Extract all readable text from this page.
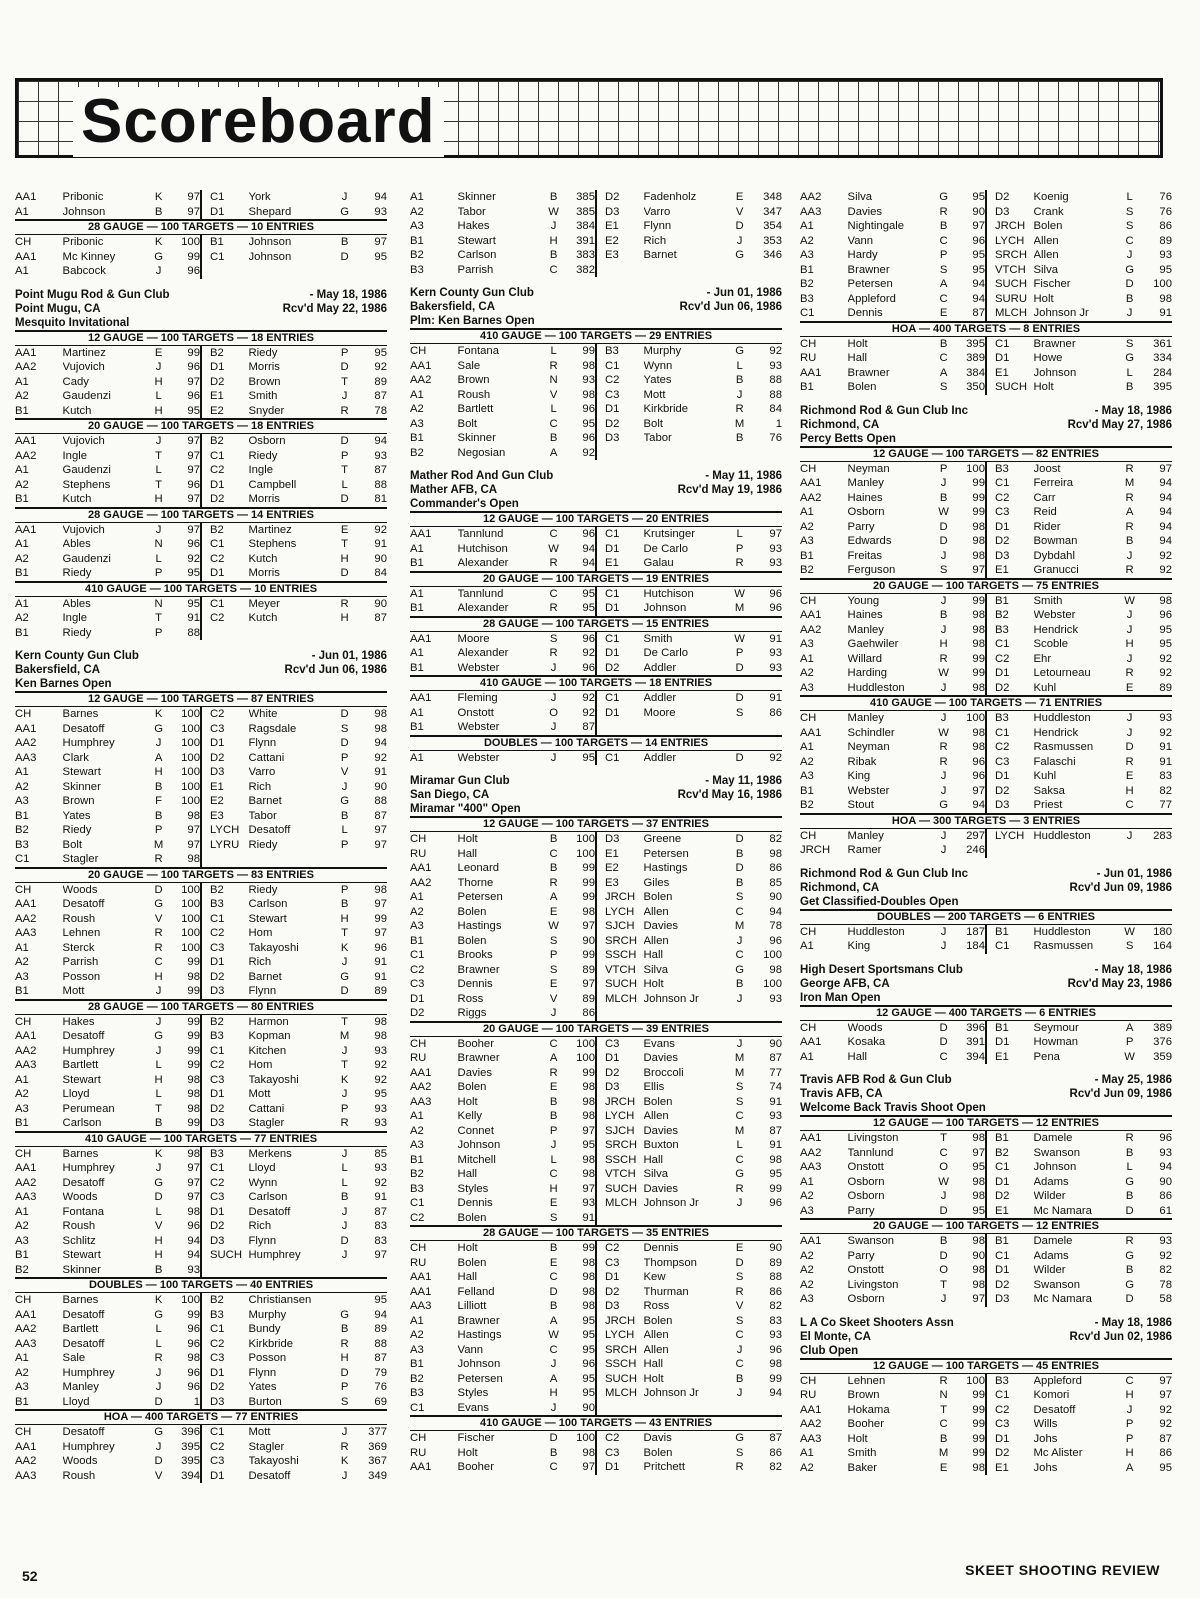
Scoreboard
AA1	Pribonic	K	97	C1	York	J	94
A1	Johnson	B	97	D1	Shepard	G	93
28 GAUGE — 100 TARGETS — 10 ENTRIES
CH	Pribonic	K	100	B1	Johnson	B	97
AA1	Mc Kinney	G	99	C1	Johnson	D	95
A1	Babcock	J	96				
Point Mugu Rod & Gun Club	- May 18, 1986
Point Mugu, CA	Rcv'd May 22, 1986
Mesquito Invitational
12 GAUGE — 100 TARGETS — 18 ENTRIES
AA1	Martinez	E	99	B2	Riedy	P	95
AA2	Vujovich	J	96	D1	Morris	D	92
A1	Cady	H	97	D2	Brown	T	89
A2	Gaudenzi	L	96	E1	Smith	J	87
B1	Kutch	H	95	E2	Snyder	R	78
20 GAUGE — 100 TARGETS — 18 ENTRIES
AA1	Vujovich	J	97	B2	Osborn	D	94
AA2	Ingle	T	97	C1	Riedy	P	93
A1	Gaudenzi	L	97	C2	Ingle	T	87
A2	Stephens	T	96	D1	Campbell	L	88
B1	Kutch	H	97	D2	Morris	D	81
28 GAUGE — 100 TARGETS — 14 ENTRIES
AA1	Vujovich	J	97	B2	Martinez	E	92
A1	Ables	N	96	C1	Stephens	T	91
A2	Gaudenzi	L	92	C2	Kutch	H	90
B1	Riedy	P	95	D1	Morris	D	84
410 GAUGE — 100 TARGETS — 10 ENTRIES
A1	Ables	N	95	C1	Meyer	R	90
A2	Ingle	T	91	C2	Kutch	H	87
B1	Riedy	P	88				
Kern County Gun Club	- Jun 01, 1986
Bakersfield, CA	Rcv'd Jun 06, 1986
Ken Barnes Open
12 GAUGE — 100 TARGETS — 87 ENTRIES
CH	Barnes	K	100	C2	White	D	98
AA1	Desatoff	G	100	C3	Ragsdale	S	98
AA2	Humphrey	J	100	D1	Flynn	D	94
AA3	Clark	A	100	D2	Cattani	P	92
A1	Stewart	H	100	D3	Varro	V	91
A2	Skinner	B	100	E1	Rich	J	90
A3	Brown	F	100	E2	Barnet	G	88
B1	Yates	B	98	E3	Tabor	B	87
B2	Riedy	P	97	LYCH	Desatoff	L	97
B3	Bolt	M	97	LYRU	Riedy	P	97
C1	Stagler	R	98				
20 GAUGE — 100 TARGETS — 83 ENTRIES
CH	Woods	D	100	B2	Riedy	P	98
AA1	Desatoff	G	100	B3	Carlson	B	97
AA2	Roush	V	100	C1	Stewart	H	99
AA3	Lehnen	R	100	C2	Hom	T	97
A1	Sterck	R	100	C3	Takayoshi	K	96
A2	Parrish	C	99	D1	Rich	J	91
A3	Posson	H	98	D2	Barnet	G	91
B1	Mott	J	99	D3	Flynn	D	89
28 GAUGE — 100 TARGETS — 80 ENTRIES
CH	Hakes	J	99	B2	Harmon	T	98
AA1	Desatoff	G	99	B3	Kopman	M	98
AA2	Humphrey	J	99	C1	Kitchen	J	93
AA3	Bartlett	L	99	C2	Hom	T	92
A1	Stewart	H	98	C3	Takayoshi	K	92
A2	Lloyd	L	98	D1	Mott	J	95
A3	Perumean	T	98	D2	Cattani	P	93
B1	Carlson	B	99	D3	Stagler	R	93
410 GAUGE — 100 TARGETS — 77 ENTRIES
CH	Barnes	K	98	B3	Merkens	J	85
AA1	Humphrey	J	97	C1	Lloyd	L	93
AA2	Desatoff	G	97	C2	Wynn	L	92
AA3	Woods	D	97	C3	Carlson	B	91
A1	Fontana	L	98	D1	Desatoff	J	87
A2	Roush	V	96	D2	Rich	J	83
A3	Schlitz	H	94	D3	Flynn	D	83
B1	Stewart	H	94	SUCH	Humphrey	J	97
B2	Skinner	B	93				
DOUBLES — 100 TARGETS — 40 ENTRIES
CH	Barnes	K	100	B2	Christiansen		95
AA1	Desatoff	G	99	B3	Murphy	G	94
AA2	Bartlett	L	96	C1	Bundy	B	89
AA3	Desatoff	L	96	C2	Kirkbride	R	88
A1	Sale	R	98	C3	Posson	H	87
A2	Humphrey	J	96	D1	Flynn	D	79
A3	Manley	J	96	D2	Yates	P	76
B1	Lloyd	D	1	D3	Burton	S	69
HOA — 400 TARGETS — 77 ENTRIES
CH	Desatoff	G	396	C1	Mott	J	377
AA1	Humphrey	J	395	C2	Stagler	R	369
AA2	Woods	D	395	C3	Takayoshi	K	367
AA3	Roush	V	394	D1	Desatoff	J	349
A1	Skinner	B	385	D2	Fadenholz	E	348
A2	Tabor	W	385	D3	Varro	V	347
A3	Hakes	J	384	E1	Flynn	D	354
B1	Stewart	H	391	E2	Rich	J	353
B2	Carlson	B	383	E3	Barnet	G	346
B3	Parrish	C	382				
Kern County Gun Club	- Jun 01, 1986
Bakersfield, CA	Rcv'd Jun 06, 1986
Plm: Ken Barnes Open
410 GAUGE — 100 TARGETS — 29 ENTRIES
CH	Fontana	L	99	B3	Murphy	G	92
AA1	Sale	R	98	C1	Wynn	L	93
AA2	Brown	N	93	C2	Yates	B	88
A1	Roush	V	98	C3	Mott	J	88
A2	Bartlett	L	96	D1	Kirkbride	R	84
A3	Bolt	C	95	D2	Bolt	M	1
B1	Skinner	B	96	D3	Tabor	B	76
B2	Negosian	A	92				
Mather Rod And Gun Club	- May 11, 1986
Mather AFB, CA	Rcv'd May 19, 1986
Commander's Open
12 GAUGE — 100 TARGETS — 20 ENTRIES
AA1	Tannlund	C	96	C1	Krutsinger	L	97
A1	Hutchison	W	94	D1	De Carlo	P	93
B1	Alexander	R	94	E1	Galau	R	93
20 GAUGE — 100 TARGETS — 19 ENTRIES
A1	Tannlund	C	95	C1	Hutchison	W	96
B1	Alexander	R	95	D1	Johnson	M	96
28 GAUGE — 100 TARGETS — 15 ENTRIES
AA1	Moore	S	96	C1	Smith	W	91
A1	Alexander	R	92	D1	De Carlo	P	93
B1	Webster	J	96	D2	Addler	D	93
410 GAUGE — 100 TARGETS — 18 ENTRIES
AA1	Fleming	J	92	C1	Addler	D	91
A1	Onstott	O	92	D1	Moore	S	86
B1	Webster	J	87				
DOUBLES — 100 TARGETS — 14 ENTRIES
A1	Webster	J	95	C1	Addler	D	92
Miramar Gun Club	- May 11, 1986
San Diego, CA	Rcv'd May 16, 1986
Miramar "400" Open
12 GAUGE — 100 TARGETS — 37 ENTRIES
CH	Holt	B	100	D3	Greene	D	82
RU	Hall	C	100	E1	Petersen	B	98
AA1	Leonard	B	99	E2	Hastings	D	86
AA2	Thorne	R	99	E3	Giles	B	85
A1	Petersen	A	99	JRCH	Bolen	S	90
A2	Bolen	E	98	LYCH	Allen	C	94
A3	Hastings	W	97	SJCH	Davies	M	78
B1	Bolen	S	90	SRCH	Allen	J	96
C1	Brooks	P	99	SSCH	Hall	C	100
C2	Brawner	S	89	VTCH	Silva	G	98
C3	Dennis	E	97	SUCH	Holt	B	100
D1	Ross	V	89	MLCH	Johnson Jr	J	93
D2	Riggs	J	86				
20 GAUGE — 100 TARGETS — 39 ENTRIES
CH	Booher	C	100	C3	Evans	J	90
RU	Brawner	A	100	D1	Davies	M	87
AA1	Davies	R	99	D2	Broccoli	M	77
AA2	Bolen	E	98	D3	Ellis	S	74
AA3	Holt	B	98	JRCH	Bolen	S	91
A1	Kelly	B	98	LYCH	Allen	C	93
A2	Connet	P	97	SJCH	Davies	M	87
A3	Johnson	J	95	SRCH	Buxton	L	91
B1	Mitchell	L	98	SSCH	Hall	C	98
B2	Hall	C	98	VTCH	Silva	G	95
B3	Styles	H	97	SUCH	Davies	R	99
C1	Dennis	E	93	MLCH	Johnson Jr	J	96
C2	Bolen	S	91				
28 GAUGE — 100 TARGETS — 35 ENTRIES
CH	Holt	B	99	C2	Dennis	E	90
RU	Bolen	E	98	C3	Thompson	D	89
AA1	Hall	C	98	D1	Kew	S	88
AA1	Felland	D	98	D2	Thurman	R	86
AA3	Lilliott	B	98	D3	Ross	V	82
A1	Brawner	A	95	JRCH	Bolen	S	83
A2	Hastings	W	95	LYCH	Allen	C	93
A3	Vann	C	95	SRCH	Allen	J	96
B1	Johnson	J	96	SSCH	Hall	C	98
B2	Petersen	A	95	SUCH	Holt	B	99
B3	Styles	H	95	MLCH	Johnson Jr	J	94
C1	Evans	J	90				
410 GAUGE — 100 TARGETS — 43 ENTRIES
CH	Fischer	D	100	C2	Davis	G	87
RU	Holt	B	98	C3	Bolen	S	86
AA1	Booher	C	97	D1	Pritchett	R	82
AA2	Silva	G	95	D2	Koenig	L	76
AA3	Davies	R	90	D3	Crank	S	76
A1	Nightingale	B	97	JRCH	Bolen	S	86
A2	Vann	C	96	LYCH	Allen	C	89
A3	Hardy	P	95	SRCH	Allen	J	93
B1	Brawner	S	95	VTCH	Silva	G	95
B2	Petersen	A	94	SUCH	Fischer	D	100
B3	Appleford	C	94	SURU	Holt	B	98
C1	Dennis	E	87	MLCH	Johnson Jr	J	91
HOA — 400 TARGETS — 8 ENTRIES
CH	Holt	B	395	C1	Brawner	S	361
RU	Hall	C	389	D1	Howe	G	334
AA1	Brawner	A	384	E1	Johnson	L	284
B1	Bolen	S	350	SUCH	Holt	B	395
Richmond Rod & Gun Club Inc	- May 18, 1986
Richmond, CA	Rcv'd May 27, 1986
Percy Betts Open
12 GAUGE — 100 TARGETS — 82 ENTRIES
CH	Neyman	P	100	B3	Joost	R	97
AA1	Manley	J	99	C1	Ferreira	M	94
AA2	Haines	B	99	C2	Carr	R	94
A1	Osborn	W	99	C3	Reid	A	94
A2	Parry	D	98	D1	Rider	R	94
A3	Edwards	D	98	D2	Bowman	B	94
B1	Freitas	J	98	D3	Dybdahl	J	92
B2	Ferguson	S	97	E1	Granucci	R	92
20 GAUGE — 100 TARGETS — 75 ENTRIES
CH	Young	J	99	B1	Smith	W	98
AA1	Haines	B	98	B2	Webster	J	96
AA2	Manley	J	98	B3	Hendrick	J	95
A3	Gaehwiler	H	98	C1	Scoble	H	95
A1	Willard	R	99	C2	Ehr	J	92
A2	Harding	W	99	D1	Letourneau	R	92
A3	Huddleston	J	98	D2	Kuhl	E	89
410 GAUGE — 100 TARGETS — 71 ENTRIES
CH	Manley	J	100	B3	Huddleston	J	93
AA1	Schindler	W	98	C1	Hendrick	J	92
A1	Neyman	R	98	C2	Rasmussen	D	91
A2	Ribak	R	96	C3	Falaschi	R	91
A3	King	J	96	D1	Kuhl	E	83
B1	Webster	J	97	D2	Saksa	H	82
B2	Stout	G	94	D3	Priest	C	77
HOA — 300 TARGETS — 3 ENTRIES
CH	Manley	J	297	LYCH	Huddleston	J	283
JRCH	Ramer	J	246				
Richmond Rod & Gun Club Inc	- Jun 01, 1986
Richmond, CA	Rcv'd Jun 09, 1986
Get Classified-Doubles Open
DOUBLES — 200 TARGETS — 6 ENTRIES
CH	Huddleston	J	187	B1	Huddleston	W	180
A1	King	J	184	C1	Rasmussen	S	164
High Desert Sportsmans Club	- May 18, 1986
George AFB, CA	Rcv'd May 23, 1986
Iron Man Open
12 GAUGE — 400 TARGETS — 6 ENTRIES
CH	Woods	D	396	B1	Seymour	A	389
AA1	Kosaka	D	391	D1	Howman	P	376
A1	Hall	C	394	E1	Pena	W	359
Travis AFB Rod & Gun Club	- May 25, 1986
Travis AFB, CA	Rcv'd Jun 09, 1986
Welcome Back Travis Shoot Open
12 GAUGE — 100 TARGETS — 12 ENTRIES
AA1	Livingston	T	98	B1	Damele	R	96
AA2	Tannlund	C	97	B2	Swanson	B	93
AA3	Onstott	O	95	C1	Johnson	L	94
A1	Osborn	W	98	D1	Adams	G	90
A2	Osborn	J	98	D2	Wilder	B	86
A3	Parry	D	95	E1	Mc Namara	D	61
20 GAUGE — 100 TARGETS — 12 ENTRIES
AA1	Swanson	B	98	B1	Damele	R	93
A2	Parry	D	90	C1	Adams	G	92
A2	Onstott	O	98	D1	Wilder	B	82
A2	Livingston	T	98	D2	Swanson	G	78
A3	Osborn	J	97	D3	Mc Namara	D	58
L A Co Skeet Shooters Assn	- May 18, 1986
El Monte, CA	Rcv'd Jun 02, 1986
Club Open
12 GAUGE — 100 TARGETS — 45 ENTRIES
CH	Lehnen	R	100	B3	Appleford	C	97
RU	Brown	N	99	C1	Komori	H	97
AA1	Hokama	T	99	C2	Desatoff	J	92
AA2	Booher	C	99	C3	Wills	P	92
AA3	Holt	B	99	D1	Johs	P	87
A1	Smith	M	99	D2	Mc Alister	H	86
A2	Baker	E	98	E1	Johs	A	95
52	SKEET SHOOTING REVIEW
